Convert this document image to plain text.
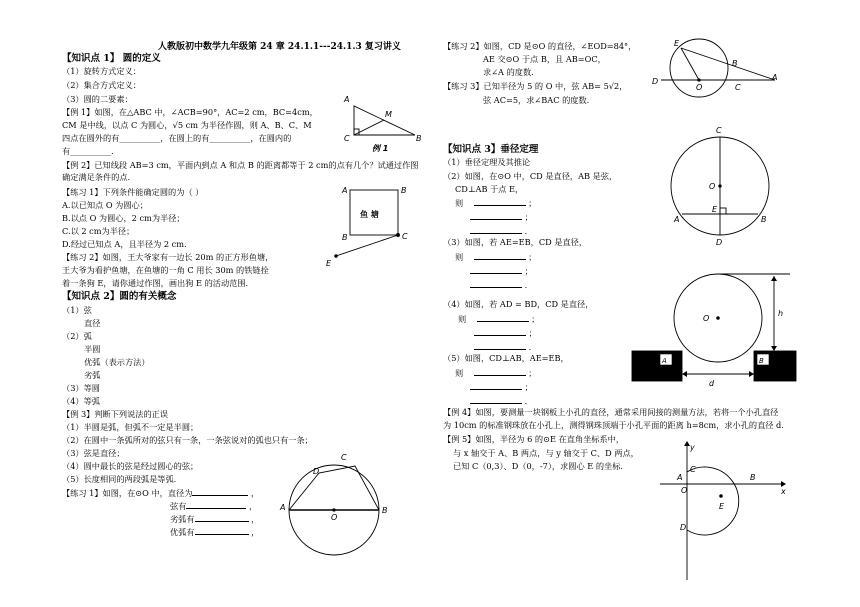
人教版初中数学九年级第 24 章 24.1.1---24.1.3 复习讲义
【知识点 1】 圆的定义
（1）旋转方式定义：
（2）集合方式定义：
（3）圆的二要素：
【例 1】如图，在△ABC 中，∠ACB=90°，AC=2 cm，BC=4cm，
CM 是中线，以点 C 为圆心，√5 cm 为半径作圆，则 A、B、C、M
四点在圆外的有__________，在圆上的有__________，在圆内的
有__________．
【例 2】已知线段 AB=3 cm，平面内到点 A 和点 B 的距离都等于 2 cm的点有几个？试通过作图
确定满足条件的点.
【练习 1】下列条件能确定圆的为（ ）
A.以已知点 O 为圆心；
B.以点 O 为圆心，2 cm为半径；
C.以 2 cm为半径；
D.经过已知点 A，且半径为 2 cm.
【练习 2】如图，王大爷家有一边长 20m 的正方形鱼塘，
王大爷为看护鱼塘，在鱼塘的一角 C 用长 30m 的铁链拴
着一条狗 E，请你通过作图，画出狗 E 的活动范围.
【知识点 2】圆的有关概念
（1）弦
直径
（2）弧
半圆
优弧（表示方法）
劣弧
（3）等圆
（4）等弧
【例 3】判断下列说法的正误
（1）半圆是弧，但弧不一定是半圆；
（2）在圆中一条弧所对的弦只有一条，一条弦说对的弧也只有一条；
（3）弦是直径；
（4）圆中最长的弦是经过圆心的弦；
（5）长度相同的两段弧是等弧.
【练习 1】如图，在⊙O 中，直径为	，
弦有	，
劣弧有	，
优弧有	，
【练习 2】如图，CD 是⊙O 的直径，∠EOD=84°，
AE 交⊙O 于点 B，且 AB=OC，
求∠A 的度数.
【练习 3】已知半径为 5 的 O 中，弦 AB= 5√2，
弦 AC=5，求∠BAC 的度数.
【知识点 3】垂径定理
（1）垂径定理及其推论
（2）如图，在⊙O 中，CD 是直径，AB 是弦，
CD⊥AB 于点 E，
则	；
；
．
（3）如图，若 AE=EB，CD 是直径，
则	；
；
．
（4）如图，若 AD = BD，CD 是直径，
则	；
；
．
（5）如图，CD⊥AB，AE=EB，
则	；
；
．
【例 4】如图，要测量一块钢板上小孔的直径，通常采用间接的测量方法，若将一个小孔直径
为 10cm 的标准钢珠放在小孔上，测得钢珠顶端于小孔平面的距离 h=8cm，求小孔的直径 d.
【例 5】如图，半径为 6 的⊙E 在直角坐标系中，
与 x 轴交于 A、B 两点，与 y 轴交于 C、D 两点，
已知 C（0,3）、D（0，-7），求圆心 E 的坐标.
A
C	B
M
例 1
鱼 塘
A	B
B	C
E
A	B
D
C
O
E
B
D
O	C
A
C
O
E
A	B
D
O
h
d
A	B
x
y
C
A
O
B
E
D
